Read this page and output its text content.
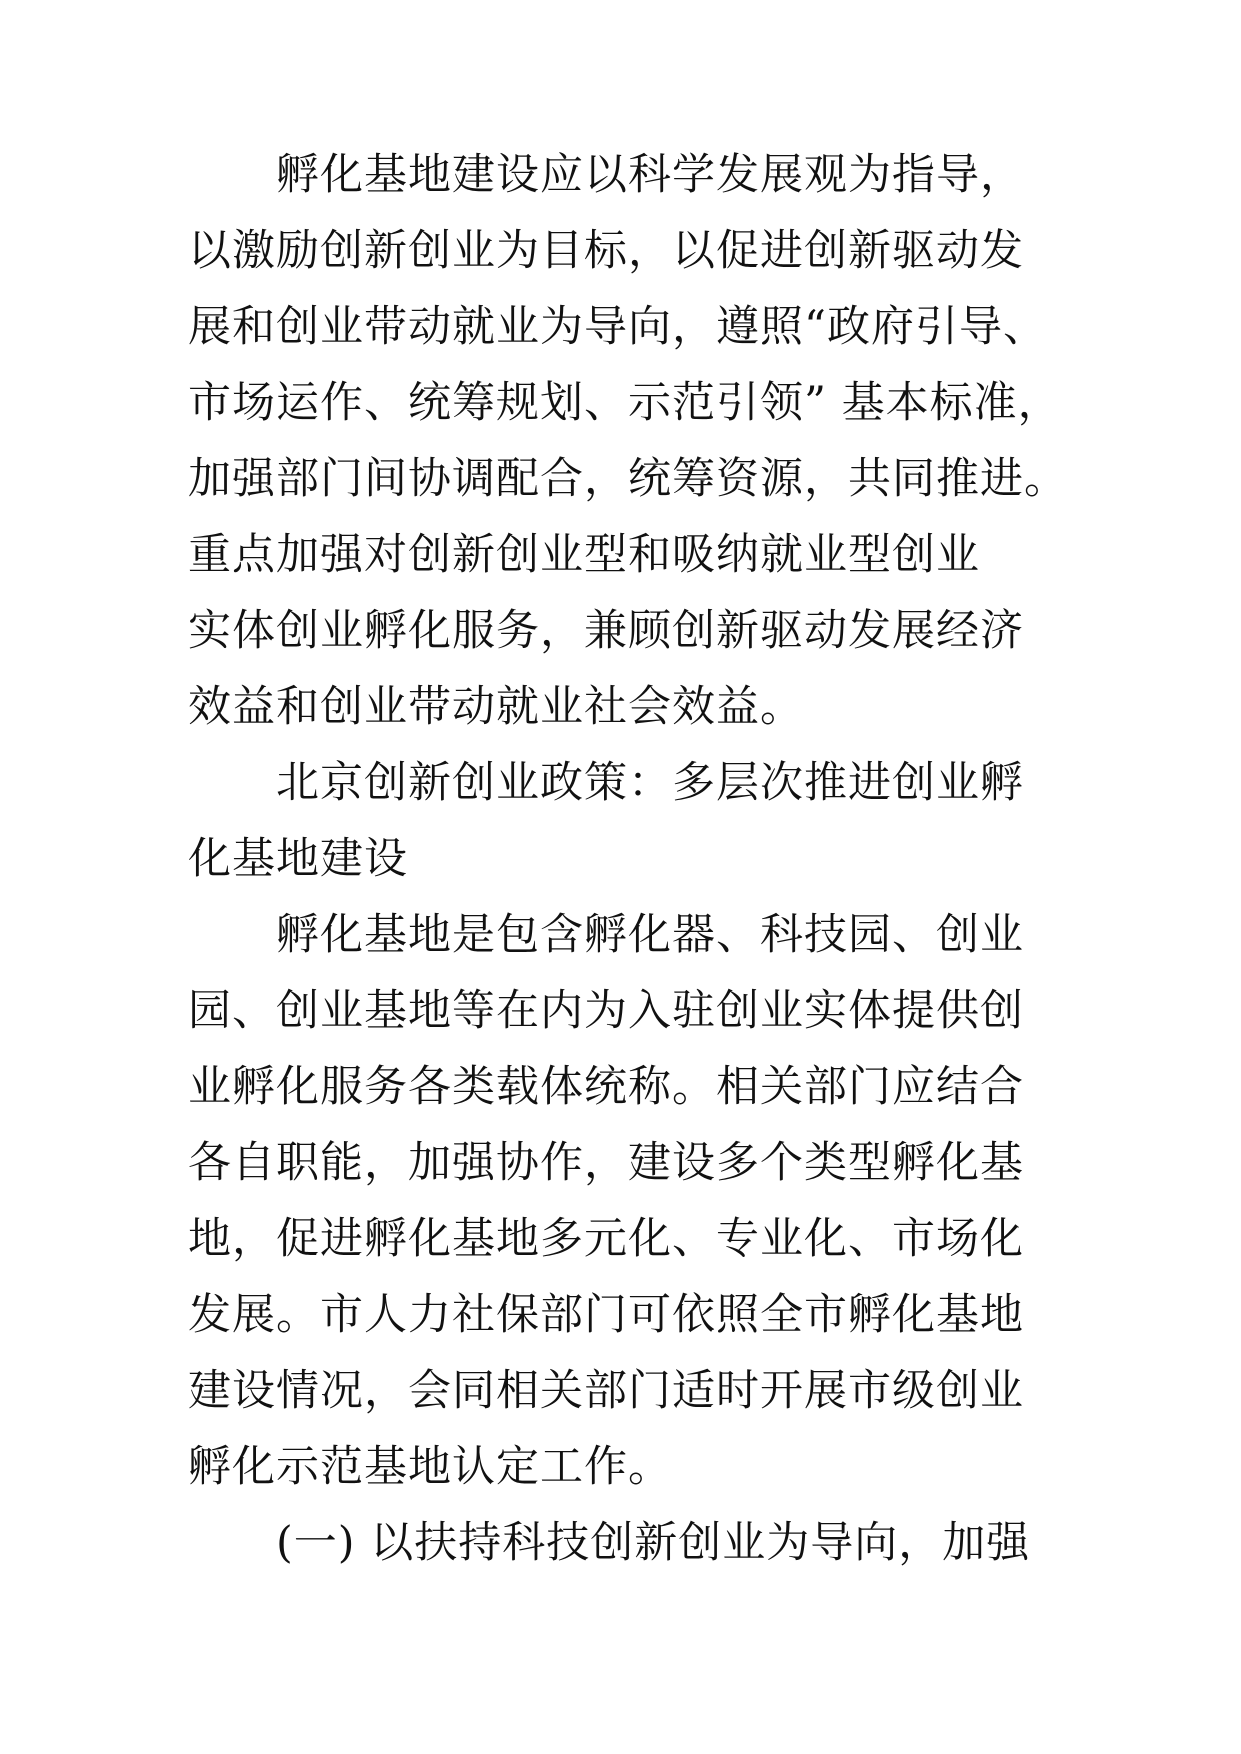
孵化基地建设应以科学发展观为指导，
以激励创新创业为目标，以促进创新驱动发
展和创业带动就业为导向，遵照“政府引导、
市场运作、统筹规划、示范引领” 基本标准，
加强部门间协调配合，统筹资源，共同推进。
重点加强对创新创业型和吸纳就业型创业
实体创业孵化服务，兼顾创新驱动发展经济
效益和创业带动就业社会效益。
北京创新创业政策：多层次推进创业孵
化基地建设
孵化基地是包含孵化器、科技园、创业
园、创业基地等在内为入驻创业实体提供创
业孵化服务各类载体统称。相关部门应结合
各自职能，加强协作，建设多个类型孵化基
地，促进孵化基地多元化、专业化、市场化
发展。市人力社保部门可依照全市孵化基地
建设情况，会同相关部门适时开展市级创业
孵化示范基地认定工作。
(一) 以扶持科技创新创业为导向，加强
